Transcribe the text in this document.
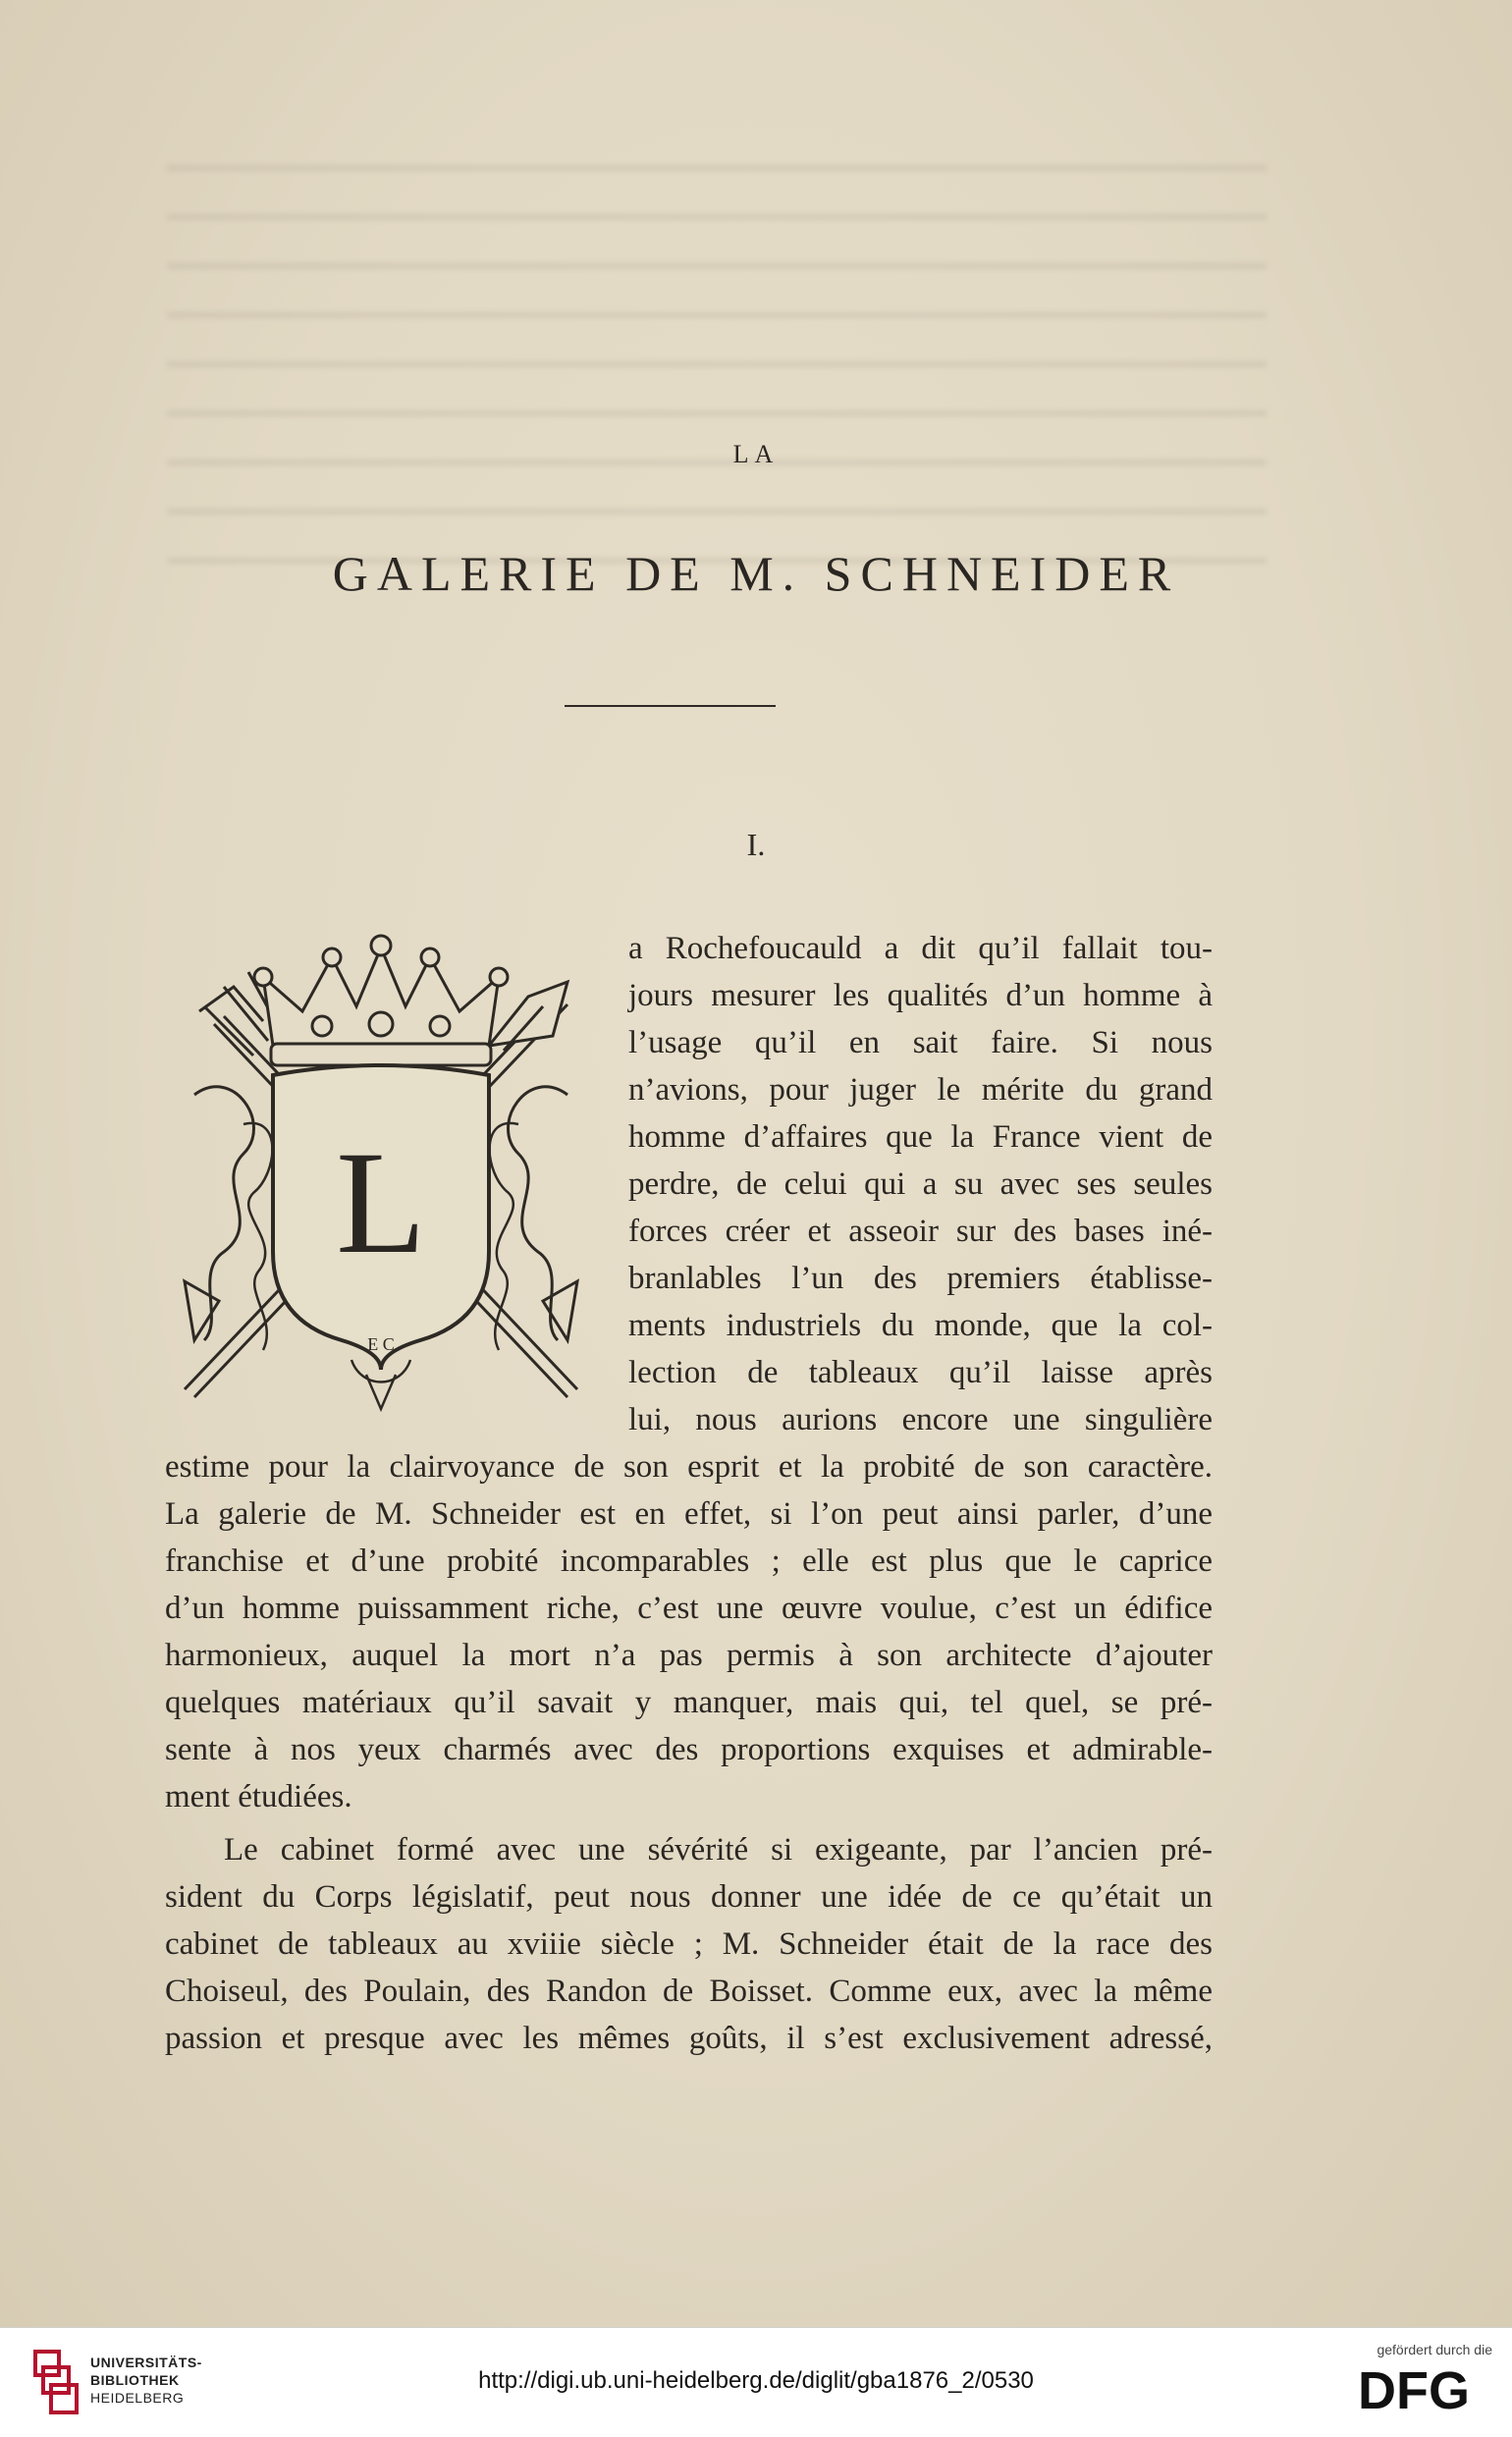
LA
GALERIE DE M. SCHNEIDER
I.
L
E C
a Rochefoucauld a dit qu’il fallait tou-
jours mesurer les qualités d’un homme à
l’usage qu’il en sait faire. Si nous
n’avions, pour juger le mérite du grand
homme d’affaires que la France vient de
perdre, de celui qui a su avec ses seules
forces créer et asseoir sur des bases iné-
branlables l’un des premiers établisse-
ments industriels du monde, que la col-
lection de tableaux qu’il laisse après
lui, nous aurions encore une singulière
estime pour la clairvoyance de son esprit et la probité de son caractère.
La galerie de M. Schneider est en effet, si l’on peut ainsi parler, d’une
franchise et d’une probité incomparables ; elle est plus que le caprice
d’un homme puissamment riche, c’est une œuvre voulue, c’est un édifice
harmonieux, auquel la mort n’a pas permis à son architecte d’ajouter
quelques matériaux qu’il savait y manquer, mais qui, tel quel, se pré-
sente à nos yeux charmés avec des proportions exquises et admirable-
ment étudiées.
Le cabinet formé avec une sévérité si exigeante, par l’ancien pré-
sident du Corps législatif, peut nous donner une idée de ce qu’était un
cabinet de tableaux au xviiie siècle ; M. Schneider était de la race des
Choiseul, des Poulain, des Randon de Boisset. Comme eux, avec la même
passion et presque avec les mêmes goûts, il s’est exclusivement adressé,
UNIVERSITÄTS-
BIBLIOTHEK
HEIDELBERG
http://digi.ub.uni-heidelberg.de/diglit/gba1876_2/0530
gefördert durch die
DFG
